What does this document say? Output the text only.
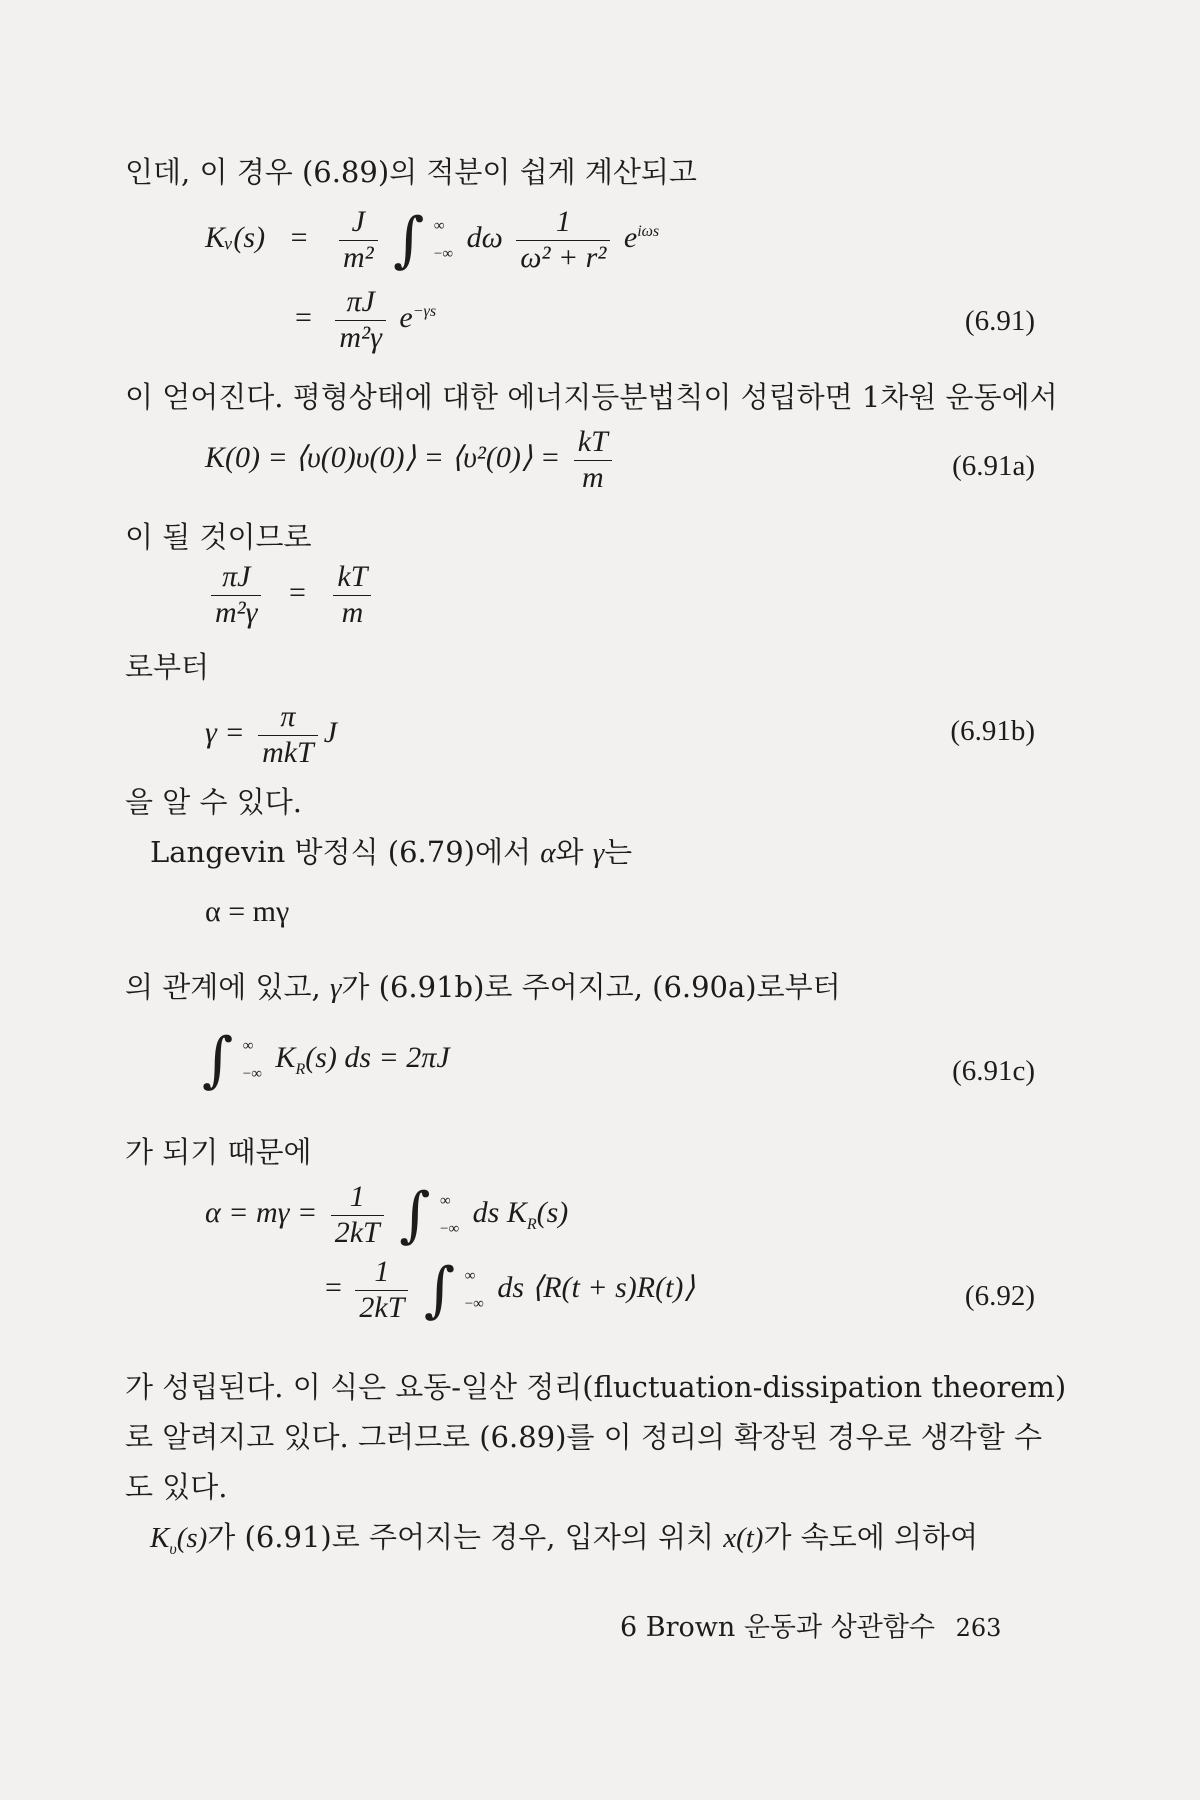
인데, 이 경우 (6.89)의 적분이 쉽게 계산되고
Kᵥ(s) = $\frac{J}{\text{m²}}$ ∫ ∞
−∞
dω $\frac{1}{\text{ω² + r²}} e^{i\omega s}$
= $\frac{\pi J}{\text{m²γ}} e^{-\gamma s}$	(6.91)
이 얻어진다. 평형상태에 대한 에너지등분법칙이 성립하면 1차원 운동에서
K(0) = ⟨υ(0)υ(0)⟩ = ⟨υ²(0)⟩ = $\frac{kT}{m}$	(6.91a)
이 될 것이므로
$\frac{\pi J}{\text{m²γ}} = \frac{kT}{m}$
로부터
$\gamma = \frac{\pi}{\text{mkT}}$ J	(6.91b)
을 알 수 있다.
Langevin 방정식 (6.79)에서 α와 γ는
α = mγ
의 관계에 있고, γ가 (6.91b)로 주어지고, (6.90a)로부터
∫ ∞
−∞
$K_R(s)$ ds = 2πJ	(6.91c)
가 되기 때문에
$\alpha = m\gamma = \frac{1}{2kT}$ ∫ ∞
−∞
ds $K_R(s)$
= $\frac{1}{2kT}$ ∫ ∞
−∞
ds ⟨R(t + s)R(t)⟩	(6.92)
가 성립된다. 이 식은 요동-일산 정리(fluctuation-dissipation theorem)
로 알려지고 있다. 그러므로 (6.89)를 이 정리의 확장된 경우로 생각할 수
도 있다.
$K_\upsilon(s)$가 (6.91)로 주어지는 경우, 입자의 위치 x(t)가 속도에 의하여
6 Brown 운동과 상관함수 263
